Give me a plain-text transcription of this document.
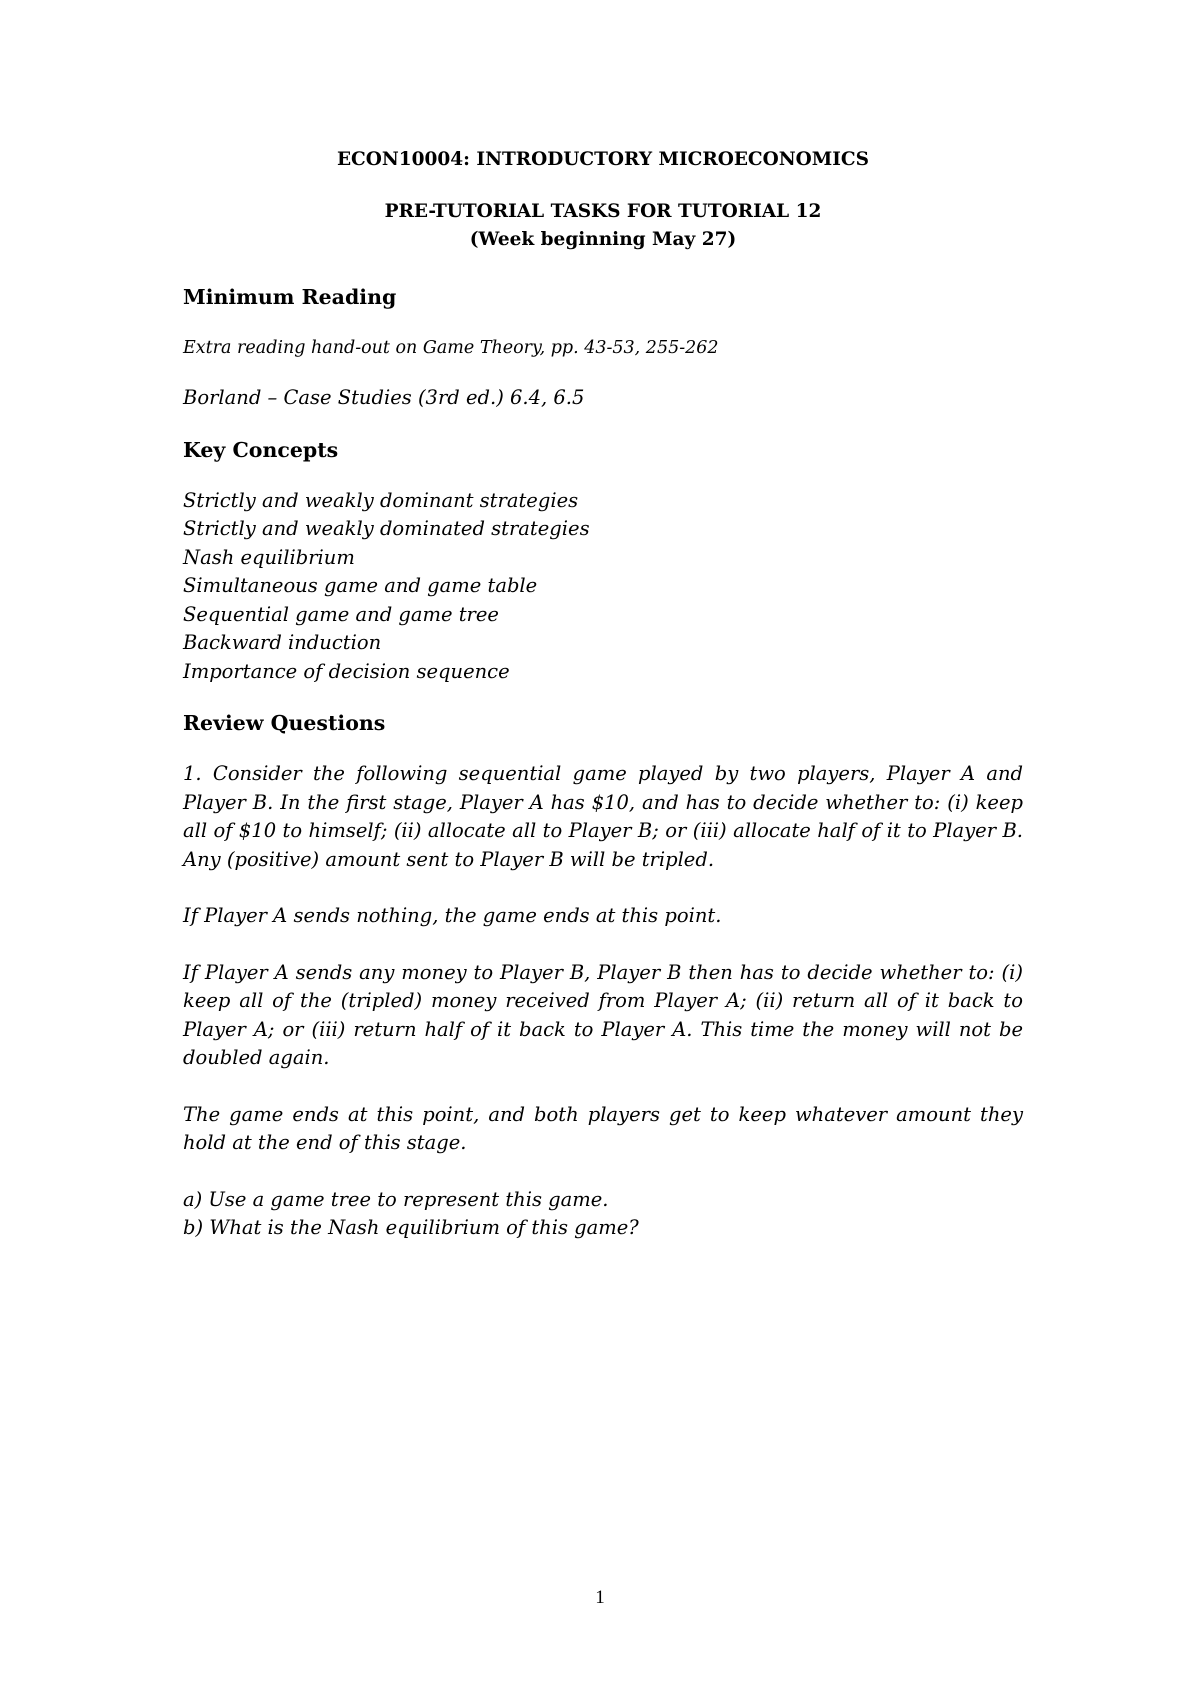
ECON10004: INTRODUCTORY MICROECONOMICS

PRE-TUTORIAL TASKS FOR TUTORIAL 12

(Week beginning May 27)

Minimum Reading

Extra reading hand-out on Game Theory, pp. 43-53, 255-262

Borland – Case Studies (3rd ed.) 6.4, 6.5

Key Concepts

Strictly and weakly dominant strategies
Strictly and weakly dominated strategies
Nash equilibrium
Simultaneous game and game table
Sequential game and game tree
Backward induction
Importance of decision sequence

Review Questions

1. Consider the following sequential game played by two players, Player A and Player B. In the first stage, Player A has $10, and has to decide whether to: (i) keep all of $10 to himself; (ii) allocate all to Player B; or (iii) allocate half of it to Player B. Any (positive) amount sent to Player B will be tripled.

If Player A sends nothing, the game ends at this point.

If Player A sends any money to Player B, Player B then has to decide whether to: (i) keep all of the (tripled) money received from Player A; (ii) return all of it back to Player A; or (iii) return half of it back to Player A. This time the money will not be doubled again.

The game ends at this point, and both players get to keep whatever amount they hold at the end of this stage.

a) Use a game tree to represent this game.

b) What is the Nash equilibrium of this game?

1
